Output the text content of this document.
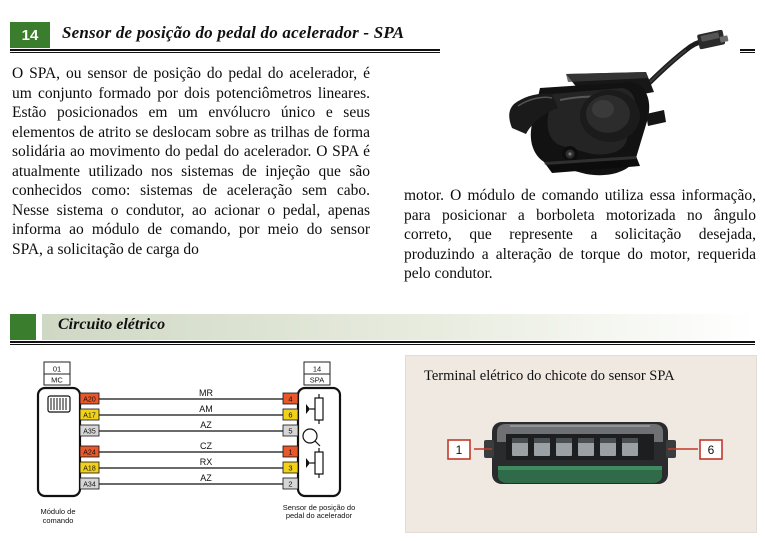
14	Sensor de posição do pedal do acelerador - SPA
O SPA, ou sensor de posição do pedal do acelerador, é um conjunto formado por dois potenciômetros lineares. Estão posicionados em um envólucro único e seus elementos de atrito se deslocam sobre as trilhas de forma solidária ao movimento do pedal do acelerador. O SPA é atualmente utilizado nos sistemas de injeção que são conhecidos como: sistemas de aceleração sem cabo. Nesse sistema o condutor, ao acionar o pedal, apenas informa ao módulo de comando, por meio do sensor SPA, a solicitação de carga do
motor. O módulo de comando utiliza essa informação, para posicionar a borboleta motorizada no ângulo correto, que represente a solicitação desejada, produzindo a alteração de torque do motor, requerida pelo condutor.
Circuito elétrico
01
MC
Módulo de
comando
14
SPA
Sensor de posição do
pedal do acelerador
MR
AM
AZ
CZ
RX
AZ
A20
A17
A35
A24
A18
A34
4
6
5
1
3
2
Terminal elétrico do chicote do sensor SPA
1	6
